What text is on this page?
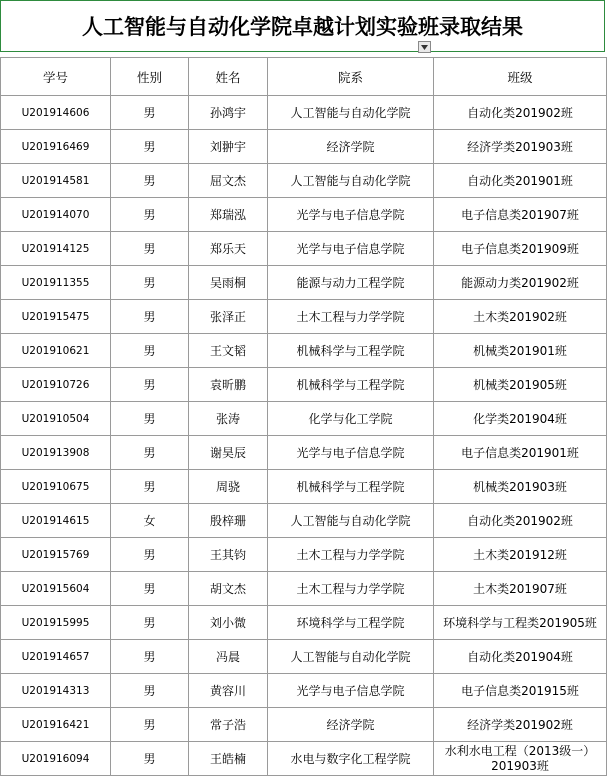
人工智能与自动化学院卓越计划实验班录取结果
学号	性别	姓名	院系	班级
U201914606	男	孙鸿宇	人工智能与自动化学院	自动化类201902班
U201916469	男	刘翀宇	经济学院	经济学类201903班
U201914581	男	屈文杰	人工智能与自动化学院	自动化类201901班
U201914070	男	郑瑞泓	光学与电子信息学院	电子信息类201907班
U201914125	男	郑乐天	光学与电子信息学院	电子信息类201909班
U201911355	男	吴雨桐	能源与动力工程学院	能源动力类201902班
U201915475	男	张泽正	土木工程与力学学院	土木类201902班
U201910621	男	王文韬	机械科学与工程学院	机械类201901班
U201910726	男	袁昕鹏	机械科学与工程学院	机械类201905班
U201910504	男	张涛	化学与化工学院	化学类201904班
U201913908	男	谢昊辰	光学与电子信息学院	电子信息类201901班
U201910675	男	周骁	机械科学与工程学院	机械类201903班
U201914615	女	殷梓珊	人工智能与自动化学院	自动化类201902班
U201915769	男	王其钧	土木工程与力学学院	土木类201912班
U201915604	男	胡文杰	土木工程与力学学院	土木类201907班
U201915995	男	刘小微	环境科学与工程学院	环境科学与工程类201905班
U201914657	男	冯晨	人工智能与自动化学院	自动化类201904班
U201914313	男	黄容川	光学与电子信息学院	电子信息类201915班
U201916421	男	常子浩	经济学院	经济学类201902班
U201916094	男	王皓楠	水电与数字化工程学院	水利水电工程（2013级一）201903班
